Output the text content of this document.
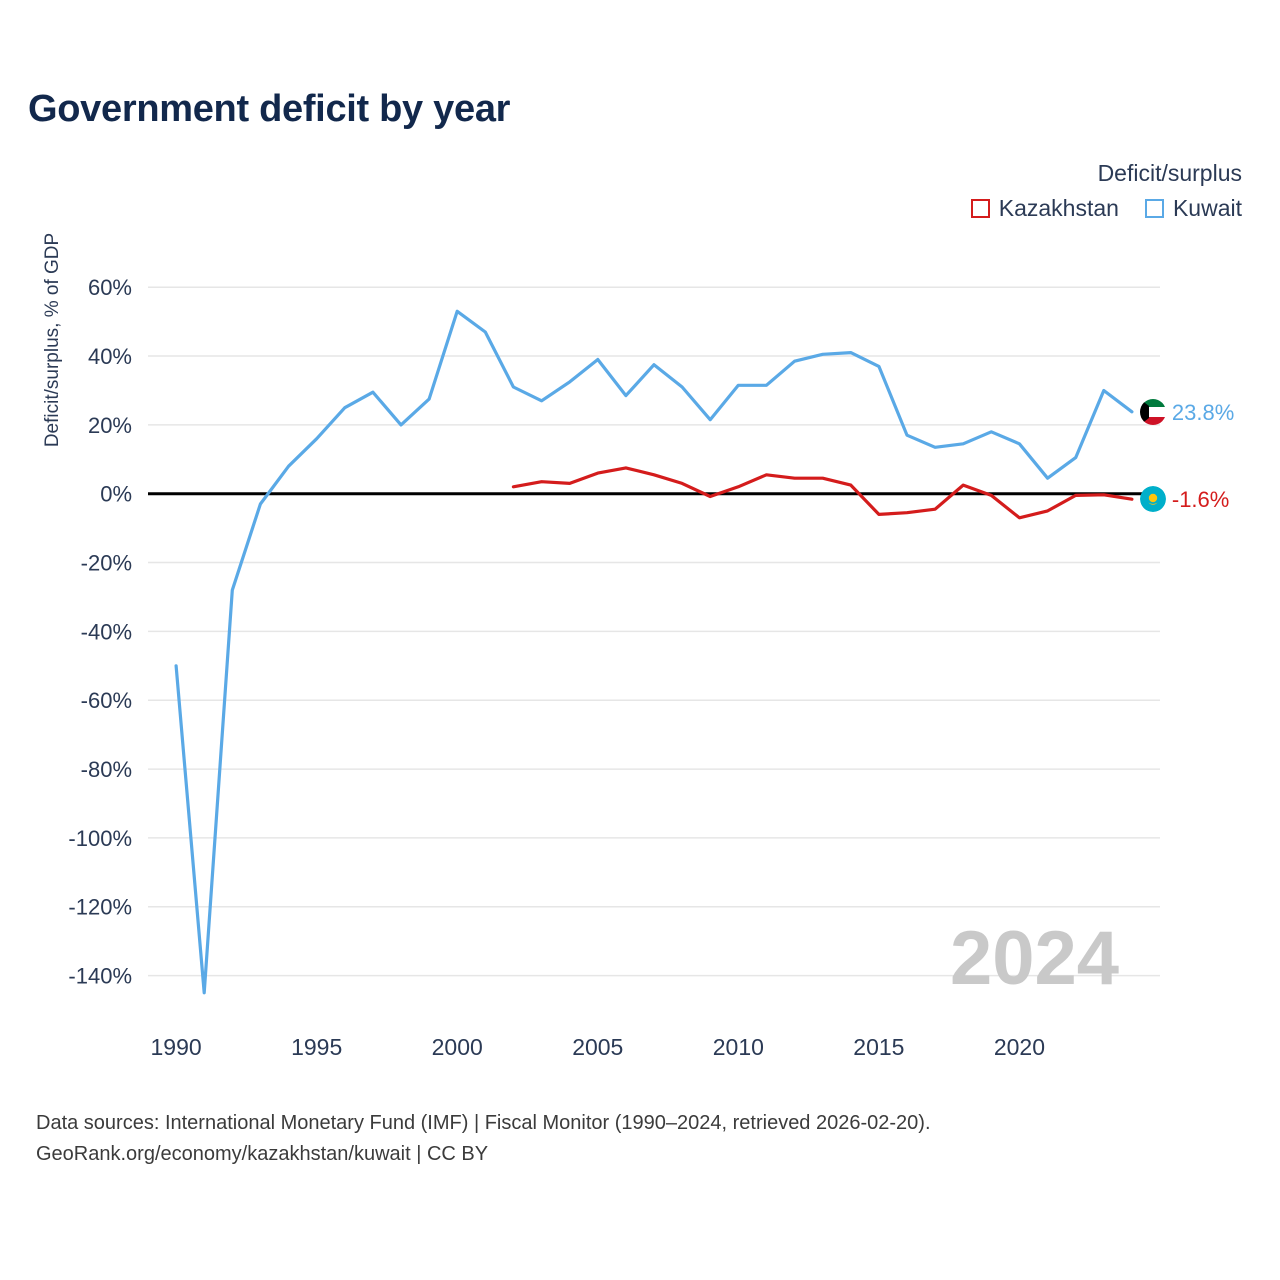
Government deficit by year
Deficit/surplus
Kazakhstan Kuwait
60%
40%
20%
0%
-20%
-40%
-60%
-80%
-100%
-120%
-140%
1990	1995	2000	2005	2010	2015	2020
Deficit/surplus, % of GDP
2024
23.8%
-1.6%
Data sources: International Monetary Fund (IMF) | Fiscal Monitor (1990–2024, retrieved 2026-02-20).
GeoRank.org/economy/kazakhstan/kuwait | CC BY
